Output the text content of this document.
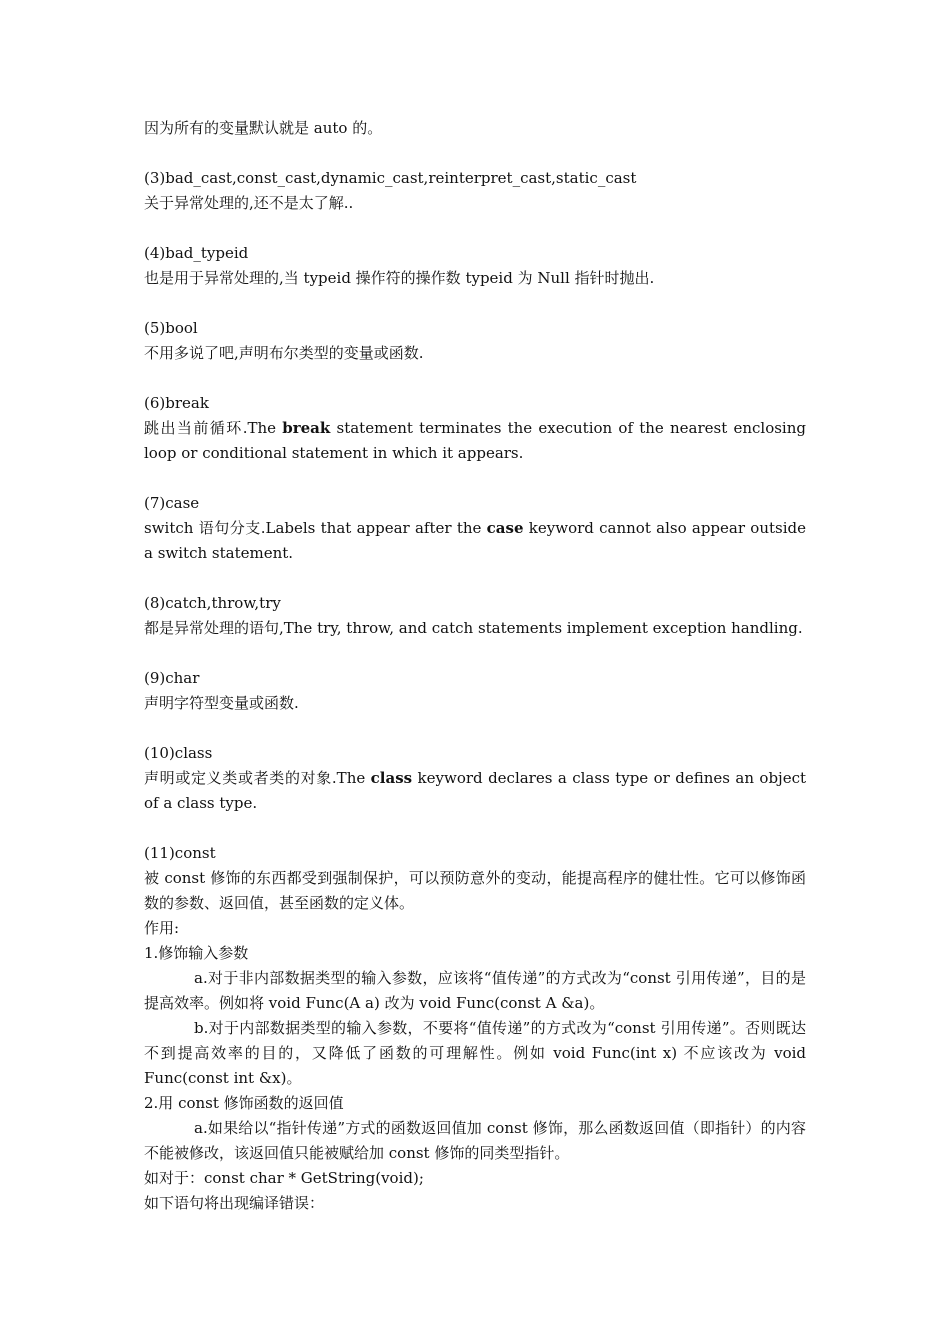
因为所有的变量默认就是 auto 的。

(3)bad_cast,const_cast,dynamic_cast,reinterpret_cast,static_cast

关于异常处理的,还不是太了解..

(4)bad_typeid

也是用于异常处理的,当 typeid 操作符的操作数 typeid 为 Null 指针时抛出.

(5)bool

不用多说了吧,声明布尔类型的变量或函数.

(6)break

跳出当前循环.The break statement terminates the execution of the nearest enclosing loop or conditional statement in which it appears.

(7)case

switch 语句分支.Labels that appear after the case keyword cannot also appear outside a switch statement.

(8)catch,throw,try

都是异常处理的语句,The try, throw, and catch statements implement exception handling.

(9)char

声明字符型变量或函数.

(10)class

声明或定义类或者类的对象.The class keyword declares a class type or defines an object of a class type.

(11)const

被 const 修饰的东西都受到强制保护，可以预防意外的变动，能提高程序的健壮性。它可以修饰函数的参数、返回值，甚至函数的定义体。

作用:

1.修饰输入参数

a.对于非内部数据类型的输入参数，应该将“值传递”的方式改为“const 引用传递”，目的是提高效率。例如将 void Func(A a) 改为 void Func(const A &a)。

b.对于内部数据类型的输入参数，不要将“值传递”的方式改为“const 引用传递”。否则既达不到提高效率的目的，又降低了函数的可理解性。例如 void Func(int x) 不应该改为 void Func(const int &x)。

2.用 const 修饰函数的返回值

a.如果给以“指针传递”方式的函数返回值加 const 修饰，那么函数返回值（即指针）的内容不能被修改，该返回值只能被赋给加 const 修饰的同类型指针。

如对于：const char * GetString(void);

如下语句将出现编译错误：
